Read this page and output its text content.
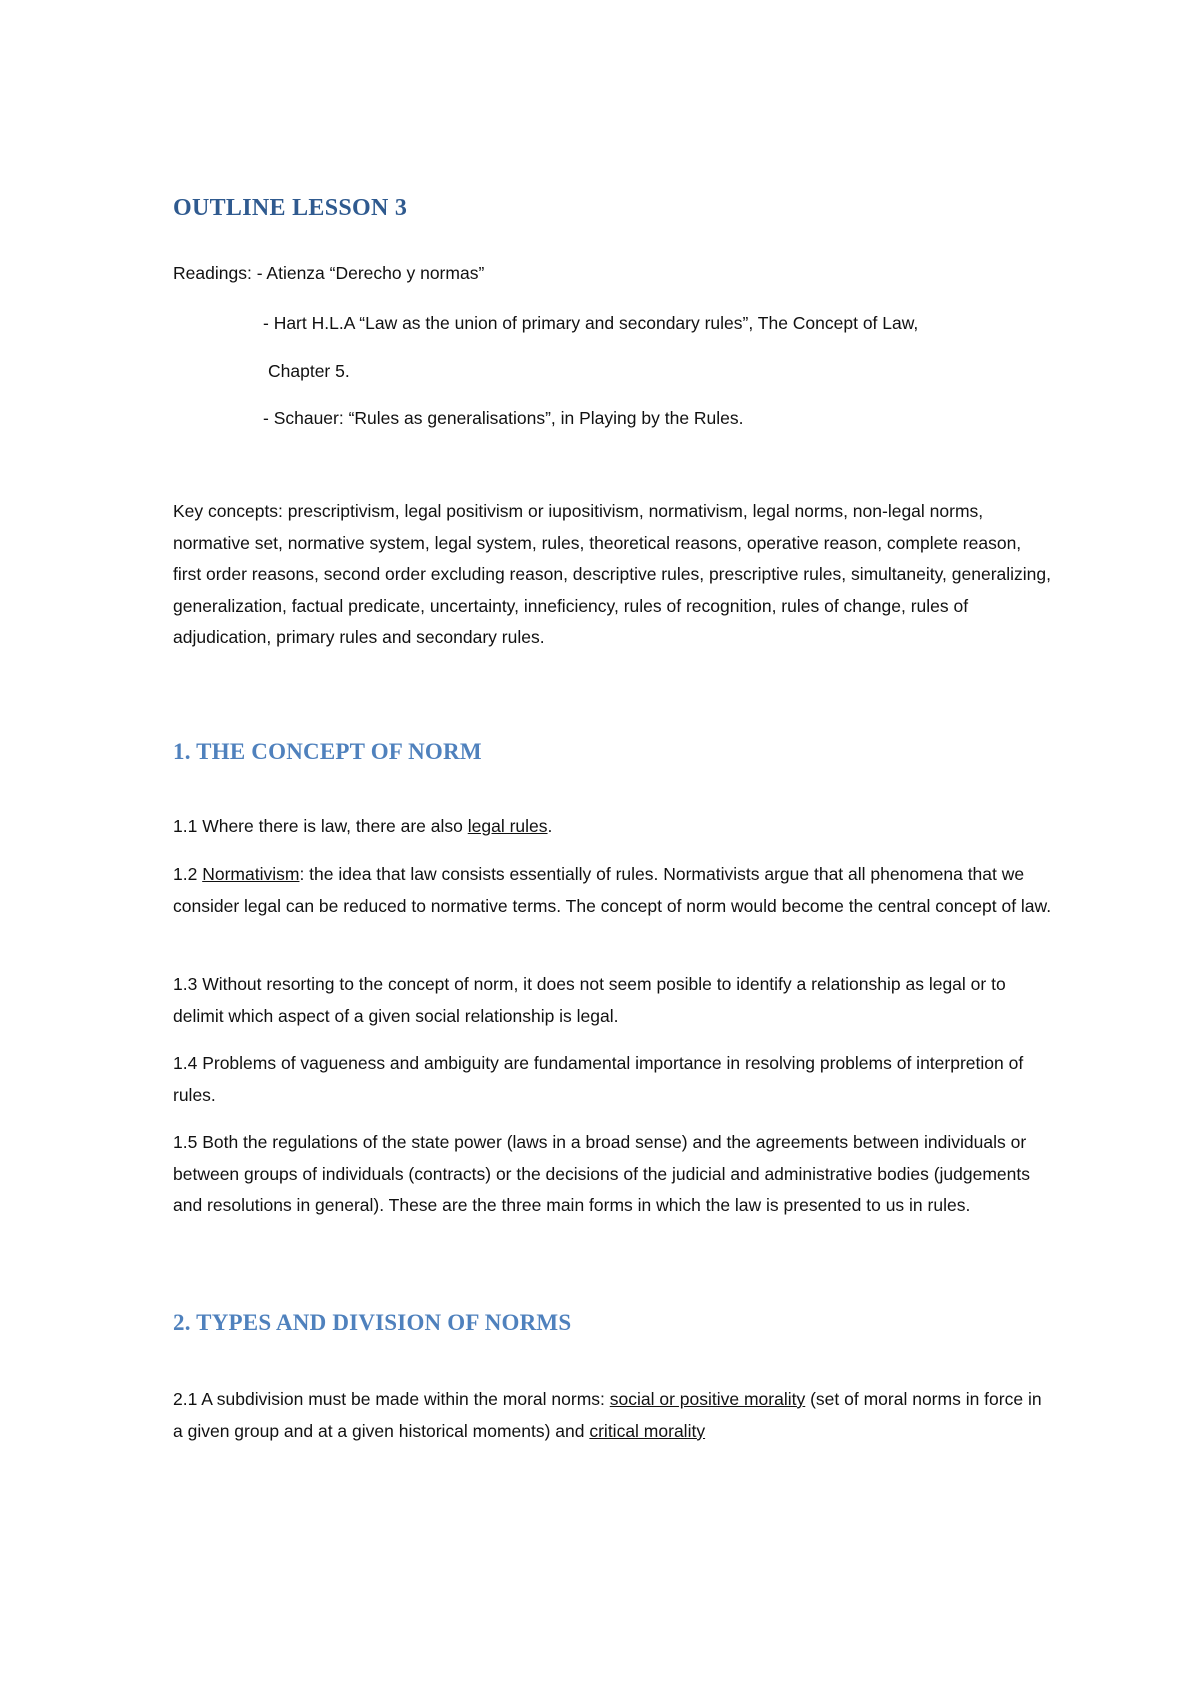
OUTLINE LESSON 3

Readings: - Atienza “Derecho y normas”

- Hart H.L.A “Law as the union of primary and secondary rules”, The Concept of Law,

Chapter 5.

- Schauer: “Rules as generalisations”, in Playing by the Rules.

Key concepts: prescriptivism, legal positivism or iupositivism, normativism, legal norms, non-legal norms, normative set, normative system, legal system, rules, theoretical reasons, operative reason, complete reason, first order reasons, second order excluding reason, descriptive rules, prescriptive rules, simultaneity, generalizing, generalization, factual predicate, uncertainty, inneficiency, rules of recognition, rules of change, rules of adjudication, primary rules and secondary rules.

1. THE CONCEPT OF NORM

1.1 Where there is law, there are also legal rules.

1.2 Normativism: the idea that law consists essentially of rules. Normativists argue that all phenomena that we consider legal can be reduced to normative terms. The concept of norm would become the central concept of law.

1.3 Without resorting to the concept of norm, it does not seem posible to identify a relationship as legal or to delimit which aspect of a given social relationship is legal.

1.4 Problems of vagueness and ambiguity are fundamental importance in resolving problems of interpretion of rules.

1.5 Both the regulations of the state power (laws in a broad sense) and the agreements between individuals or between groups of individuals (contracts) or the decisions of the judicial and administrative bodies (judgements and resolutions in general). These are the three main forms in which the law is presented to us in rules.

2. TYPES AND DIVISION OF NORMS

2.1 A subdivision must be made within the moral norms: social or positive morality (set of moral norms in force in a given group and at a given historical moments) and critical morality
